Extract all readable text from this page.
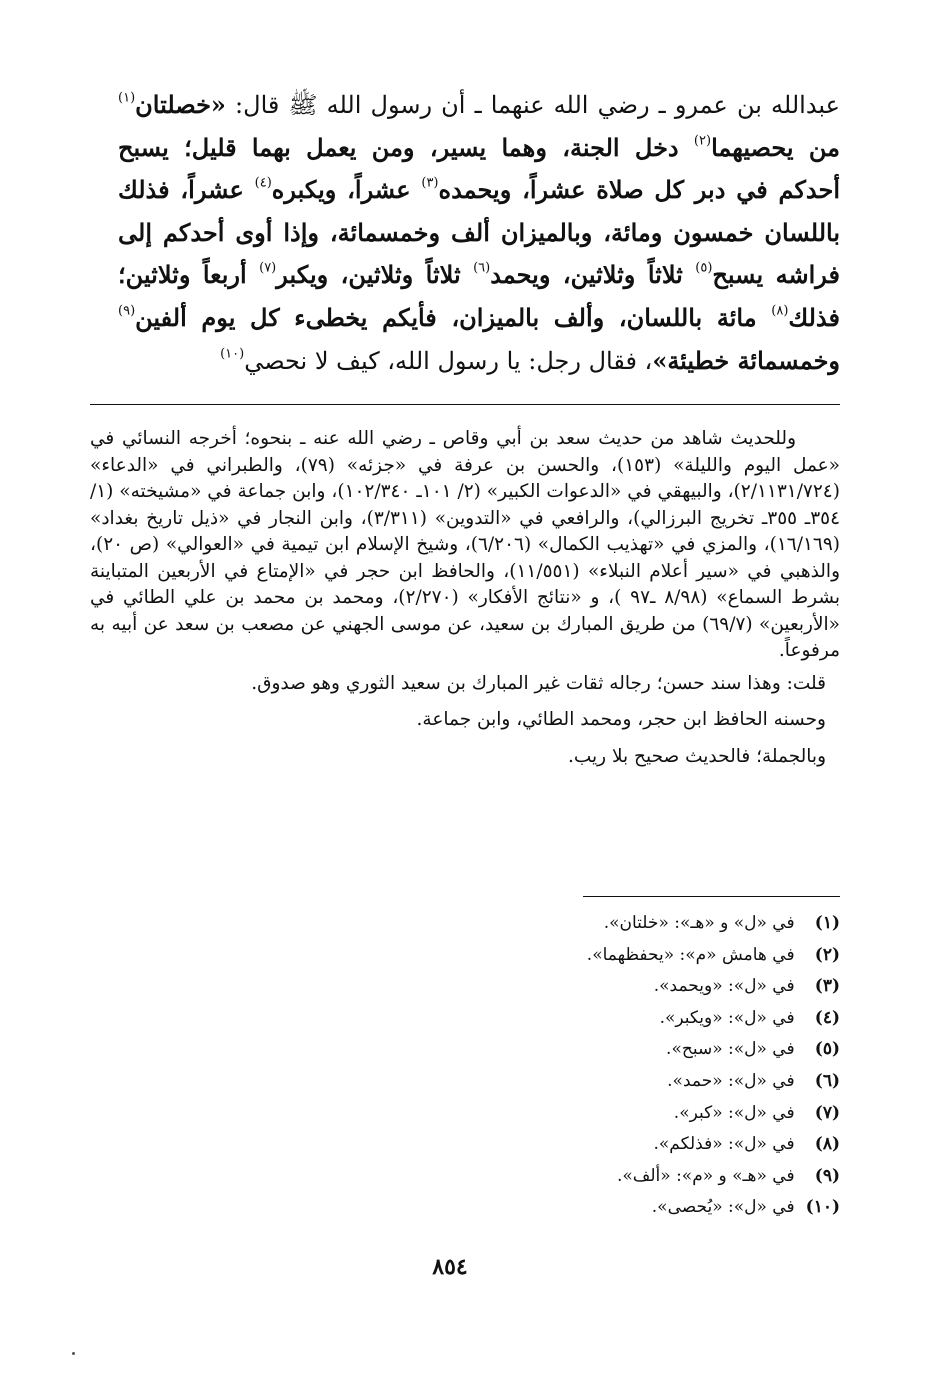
عبدالله بن عمرو ـ رضي الله عنهما ـ أن رسول الله ﷺ قال: «خصلتان$^{(١)}$ من يحصيهما$^{(٢)}$ دخل الجنة، وهما يسير، ومن يعمل بهما قليل؛ يسبح أحدكم في دبر كل صلاة عشراً، ويحمده$^{(٣)}$ عشراً، ويكبره$^{(٤)}$ عشراً، فذلك باللسان خمسون ومائة، وبالميزان ألف وخمسمائة، وإذا أوى أحدكم إلى فراشه يسبح$^{(٥)}$ ثلاثاً وثلاثين، ويحمد$^{(٦)}$ ثلاثاً وثلاثين، ويكبر$^{(٧)}$ أربعاً وثلاثين؛ فذلك$^{(٨)}$ مائة باللسان، وألف بالميزان، فأيكم يخطىء كل يوم ألفين$^{(٩)}$ وخمسمائة خطيئة»، فقال رجل: يا رسول الله، كيف لا نحصي$^{(١٠)}$

وللحديث شاهد من حديث سعد بن أبي وقاص ـ رضي الله عنه ـ بنحوه؛ أخرجه النسائي في «عمل اليوم والليلة» (١٥٣)، والحسن بن عرفة في «جزئه» (٧٩)، والطبراني في «الدعاء» (٢/١١٣١/٧٢٤)، والبيهقي في «الدعوات الكبير» (٢/ ١٠١ـ ١٠٢/٣٤٠)، وابن جماعة في «مشيخته» (١/ ٣٥٤ـ ٣٥٥ـ تخريج البرزالي)، والرافعي في «التدوين» (٣/٣١١)، وابن النجار في «ذيل تاريخ بغداد» (١٦/١٦٩)، والمزي في «تهذيب الكمال» (٦/٢٠٦)، وشيخ الإسلام ابن تيمية في «العوالي» (ص ٢٠)، والذهبي في «سير أعلام النبلاء» (١١/٥٥١)، والحافظ ابن حجر في «الإمتاع في الأربعين المتباينة بشرط السماع» (٨/٩٨ ـ٩٧ )، و «نتائج الأفكار» (٢/٢٧٠)، ومحمد بن محمد بن علي الطائي في «الأربعين» (٦٩/٧) من طريق المبارك بن سعيد، عن موسى الجهني عن مصعب بن سعد عن أبيه به مرفوعاً.

قلت: وهذا سند حسن؛ رجاله ثقات غير المبارك بن سعيد الثوري وهو صدوق.

وحسنه الحافظ ابن حجر، ومحمد الطائي، وابن جماعة.

وبالجملة؛ فالحديث صحيح بلا ريب.

(١) في «ل» و «هـ»: «خلتان».
(٢) في هامش «م»: «يحفظهما».
(٣) في «ل»: «ويحمد».
(٤) في «ل»: «ويكبر».
(٥) في «ل»: «سبح».
(٦) في «ل»: «حمد».
(٧) في «ل»: «كبر».
(٨) في «ل»: «فذلكم».
(٩) في «هـ» و «م»: «ألف».
(١٠) في «ل»: «يُحصى».
٨٥٤
